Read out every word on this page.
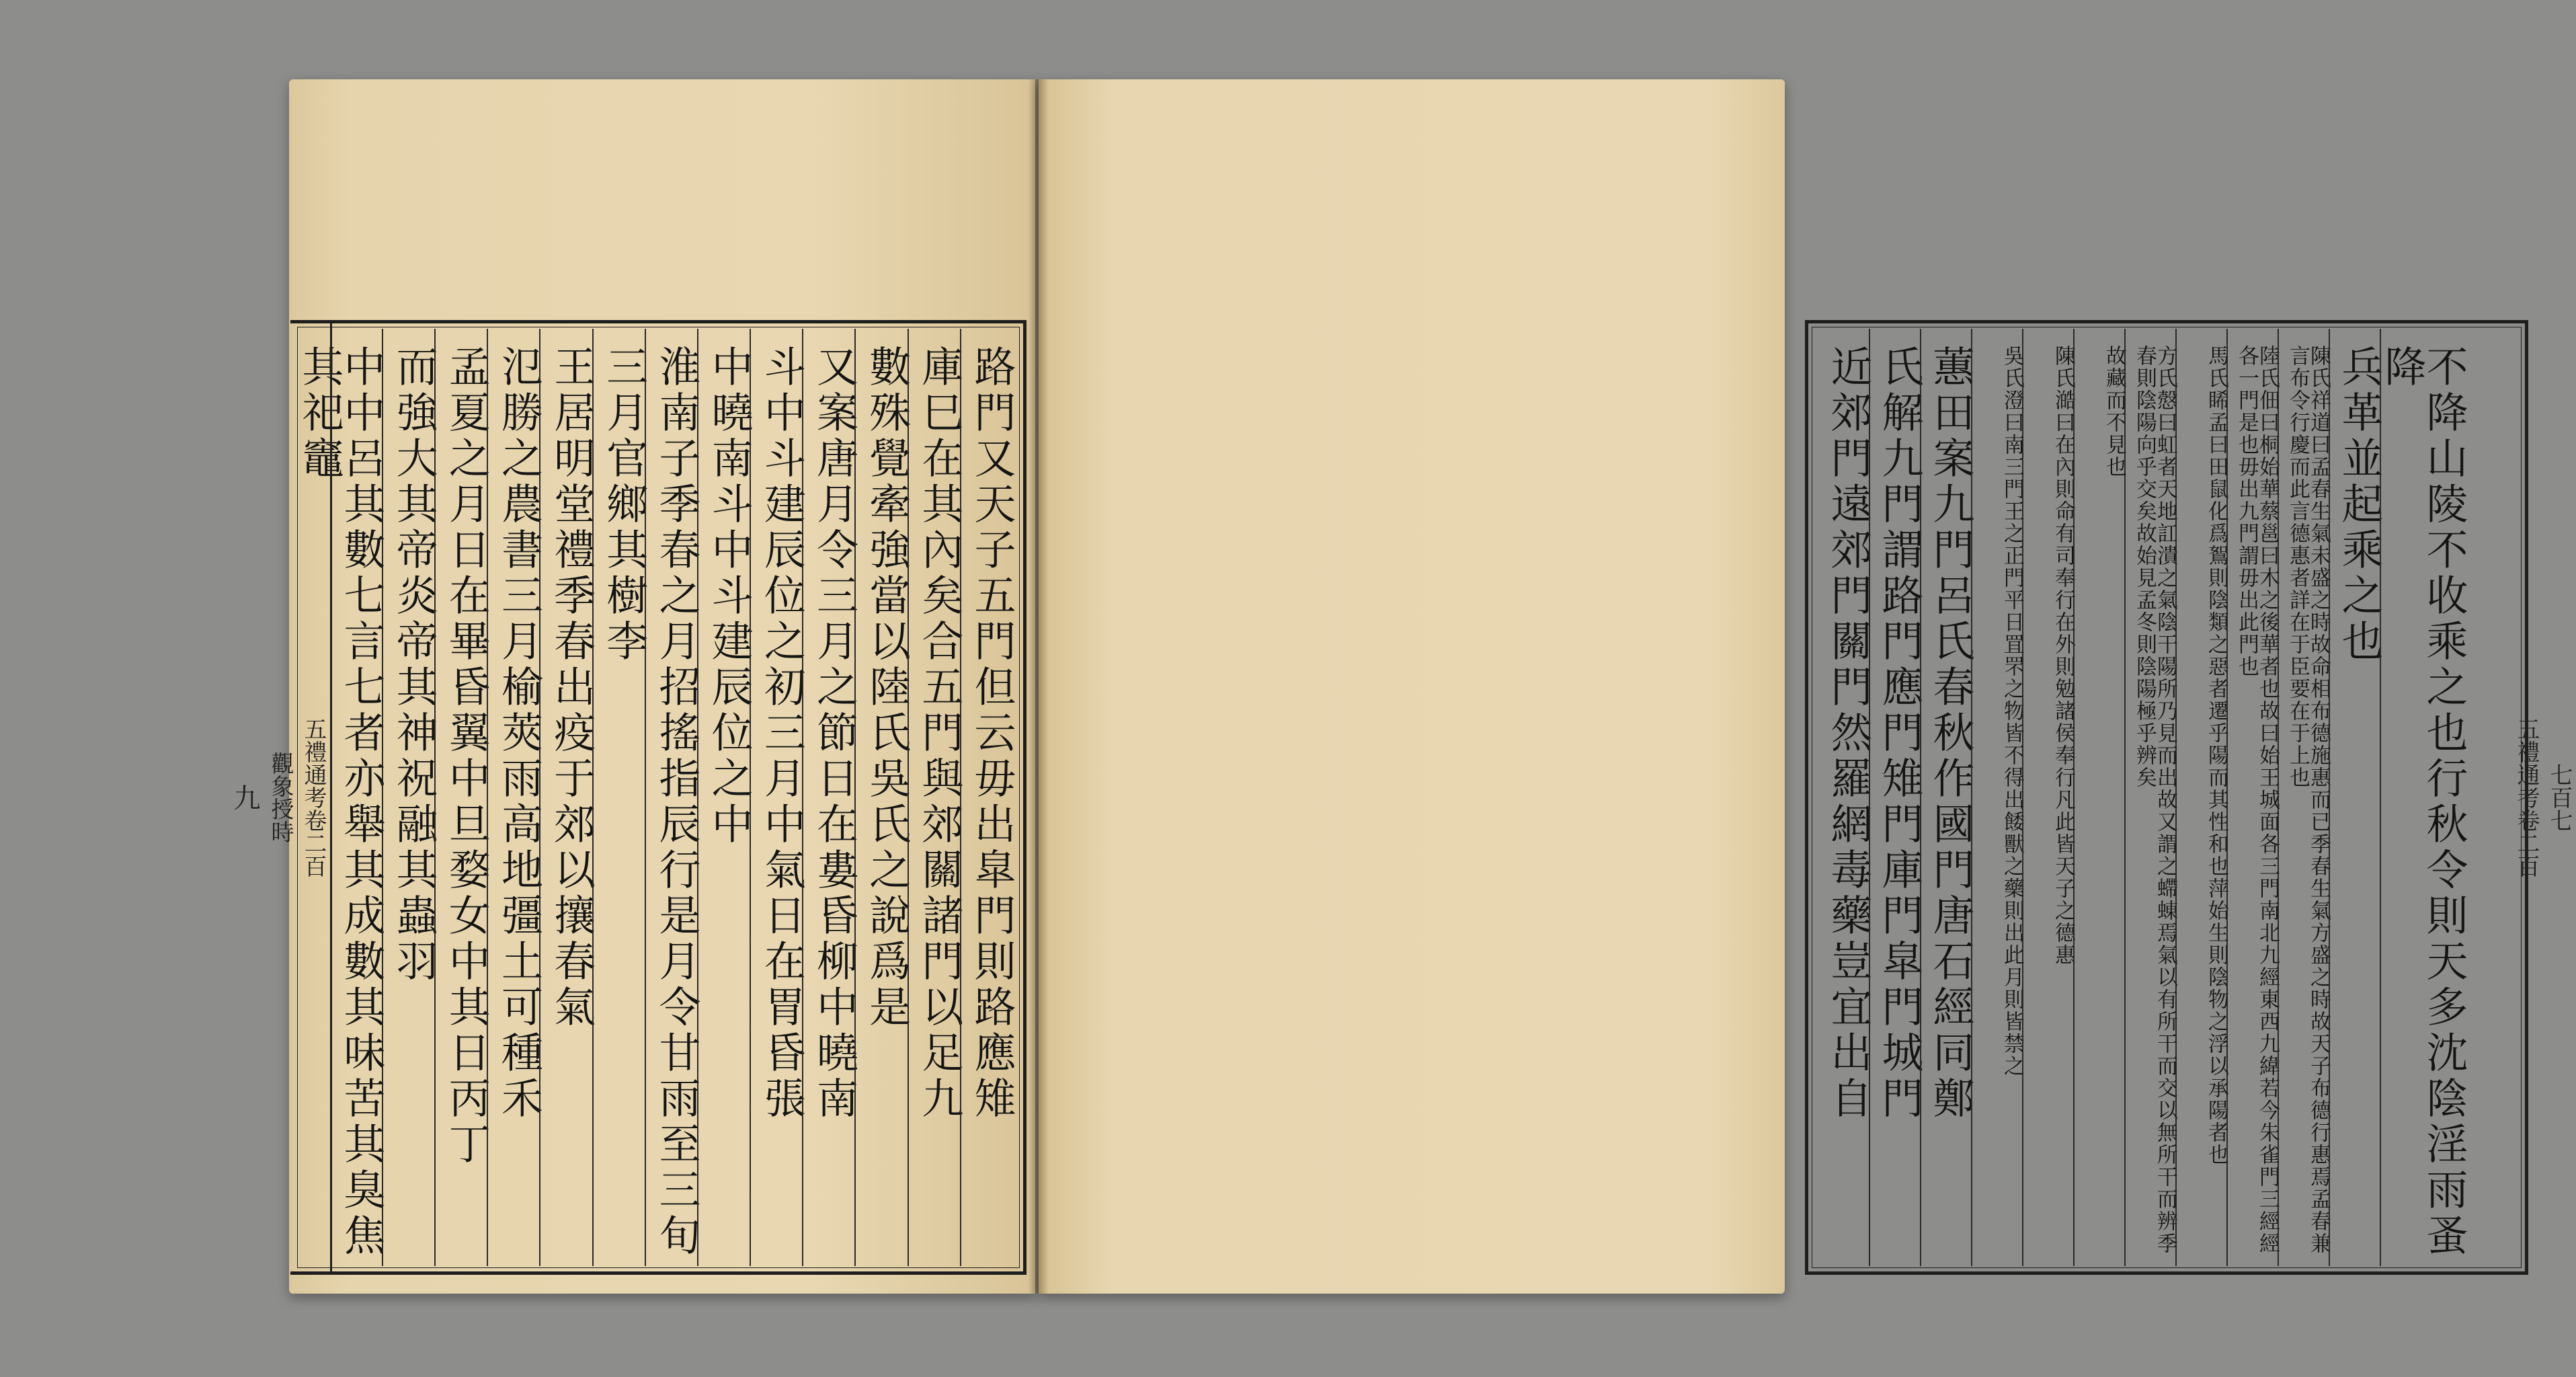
路門又天子五門但云毋出皐門則路應雉
庫巳在其內矣合五門與郊關諸門以足九
數殊覺牽強當以陸氏吳氏之說爲是
又案唐月令三月之節日在婁昏柳中曉南
斗中斗建辰位之初三月中氣日在胃昏張
中曉南斗中斗建辰位之中
淮南子季春之月招搖指辰行是月令甘雨至三旬
三月官鄉其樹李
王居明堂禮季春出疫于郊以攘春氣
氾勝之農書三月榆莢雨高地彊土可種禾
孟夏之月日在畢昏翼中旦婺女中其日丙丁
而強大其帝炎帝其神祝融其蟲羽
中中呂其數七言七者亦舉其成數其味苦其臭焦其祀竈
五禮通考卷二百
觀象授時
九	不降山陵不收乘之也行秋令則天多沈陰淫雨蚤降
兵革並起乘之也
陳氏祥道曰孟春生氣未盛之時故命相布德施惠而已季春生氣方盛之時故天子布德行惠焉孟春兼言布令行慶而此言德惠者詳在于臣要在于上也
陸氏佃曰桐始華蔡邕曰木之後華者也故曰始王城面各三門南北九經東西九緯若今朱雀門三經經各一門是也毋出九門謂毋出此門也
馬氏睎孟曰田鼠化爲鴽則陰類之惡者遷乎陽而其性和也萍始生則陰物之浮以承陽者也
方氏慤曰虹者天地訌潰之氣陰干陽所乃見而出故又謂之螮蝀焉氣以有所干而交以無所干而辨季春則陰陽向乎交矣故始見孟冬則陰陽極乎辨矣
故藏而不見也
陳氏澔曰在內則命有司奉行在外則勉諸侯奉行凡此皆天子之德惠
吳氏澄曰南三門王之正門平日罝罘之物皆不得出餧獸之藥則出此月則皆禁之
蕙田案九門呂氏春秋作國門唐石經同鄭
氏解九門謂路門應門雉門庫門皐門城門
近郊門遠郊門關門然羅網毒藥豈宜出自	七百七
五禮通考卷二百
